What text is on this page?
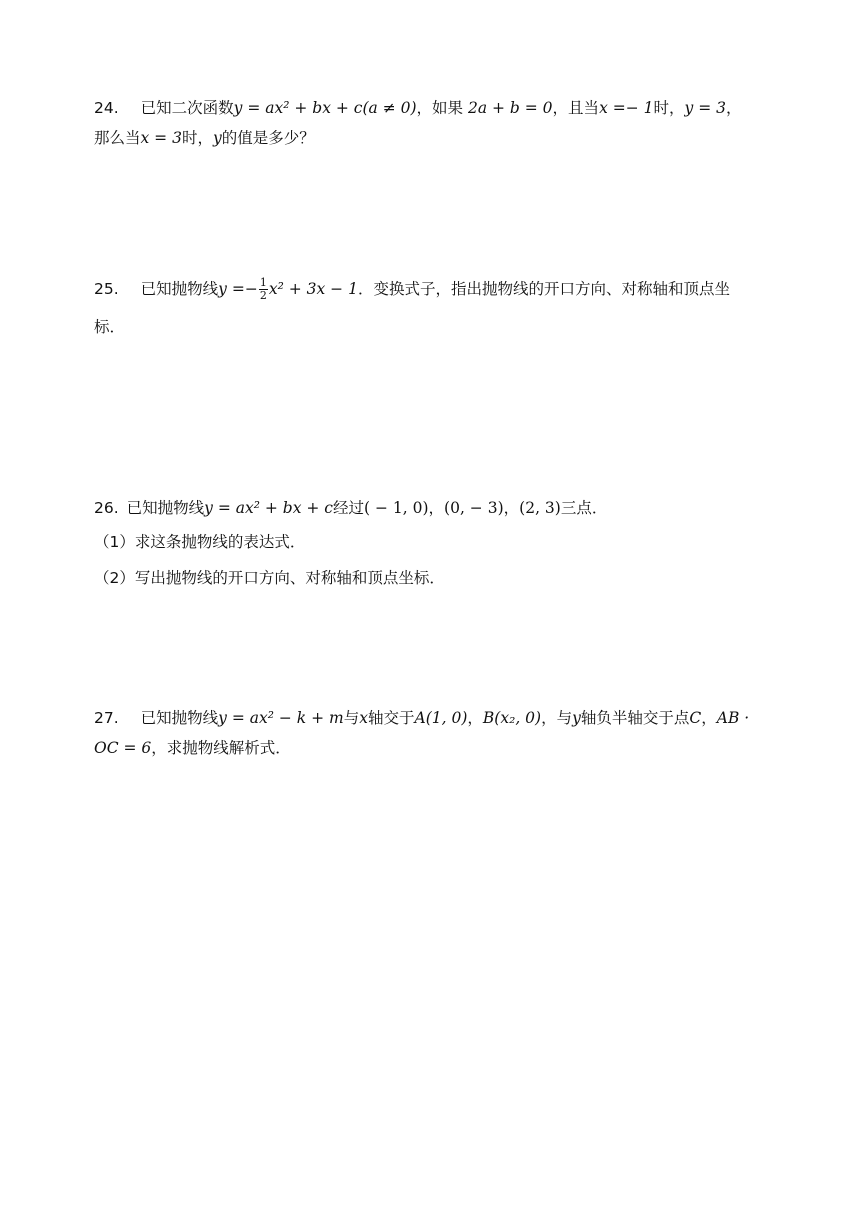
24. 已知二次函数y = ax² + bx + c(a ≠ 0)，如果 2a + b = 0，且当x =− 1时，y = 3，
那么当x = 3时，y的值是多少？
25. 已知抛物线$y =- \frac{1}{2} x^2 + 3x - 1$．变换式子，指出抛物线的开口方向、对称轴和顶点坐
标．
26. 已知抛物线y = ax² + bx + c经过( − 1, 0)，(0, − 3)，(2, 3)三点．
（1）求这条抛物线的表达式．
（2）写出抛物线的开口方向、对称轴和顶点坐标．
27. 已知抛物线y = ax² − k + m与x轴交于A(1, 0)，B(x₂, 0)，与y轴负半轴交于点C，AB ·
OC = 6，求抛物线解析式．
